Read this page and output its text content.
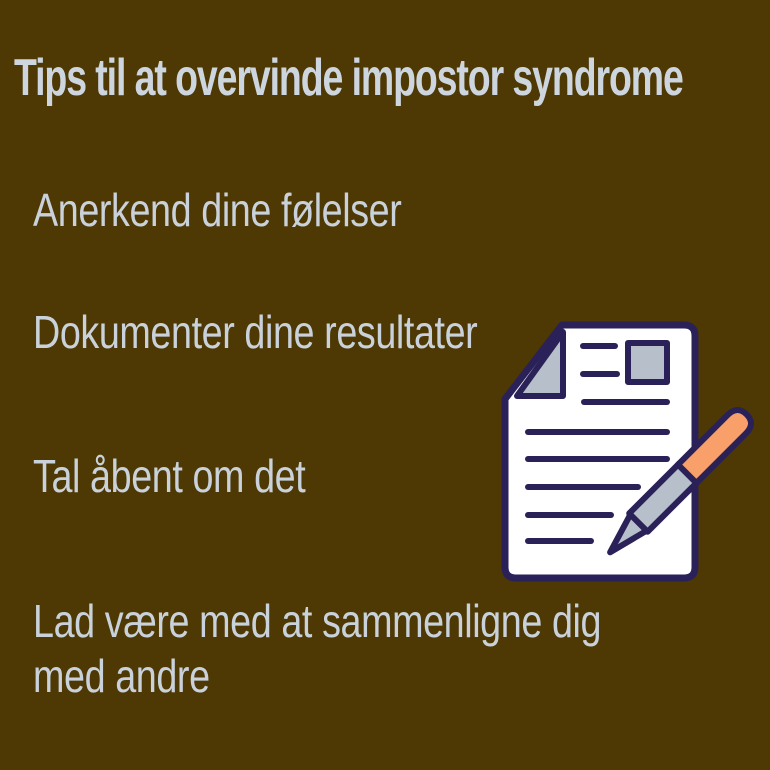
Tips til at overvinde impostor syndrome
Anerkend dine følelser
Dokumenter dine resultater
Tal åbent om det
Lad være med at sammenligne dig med andre
